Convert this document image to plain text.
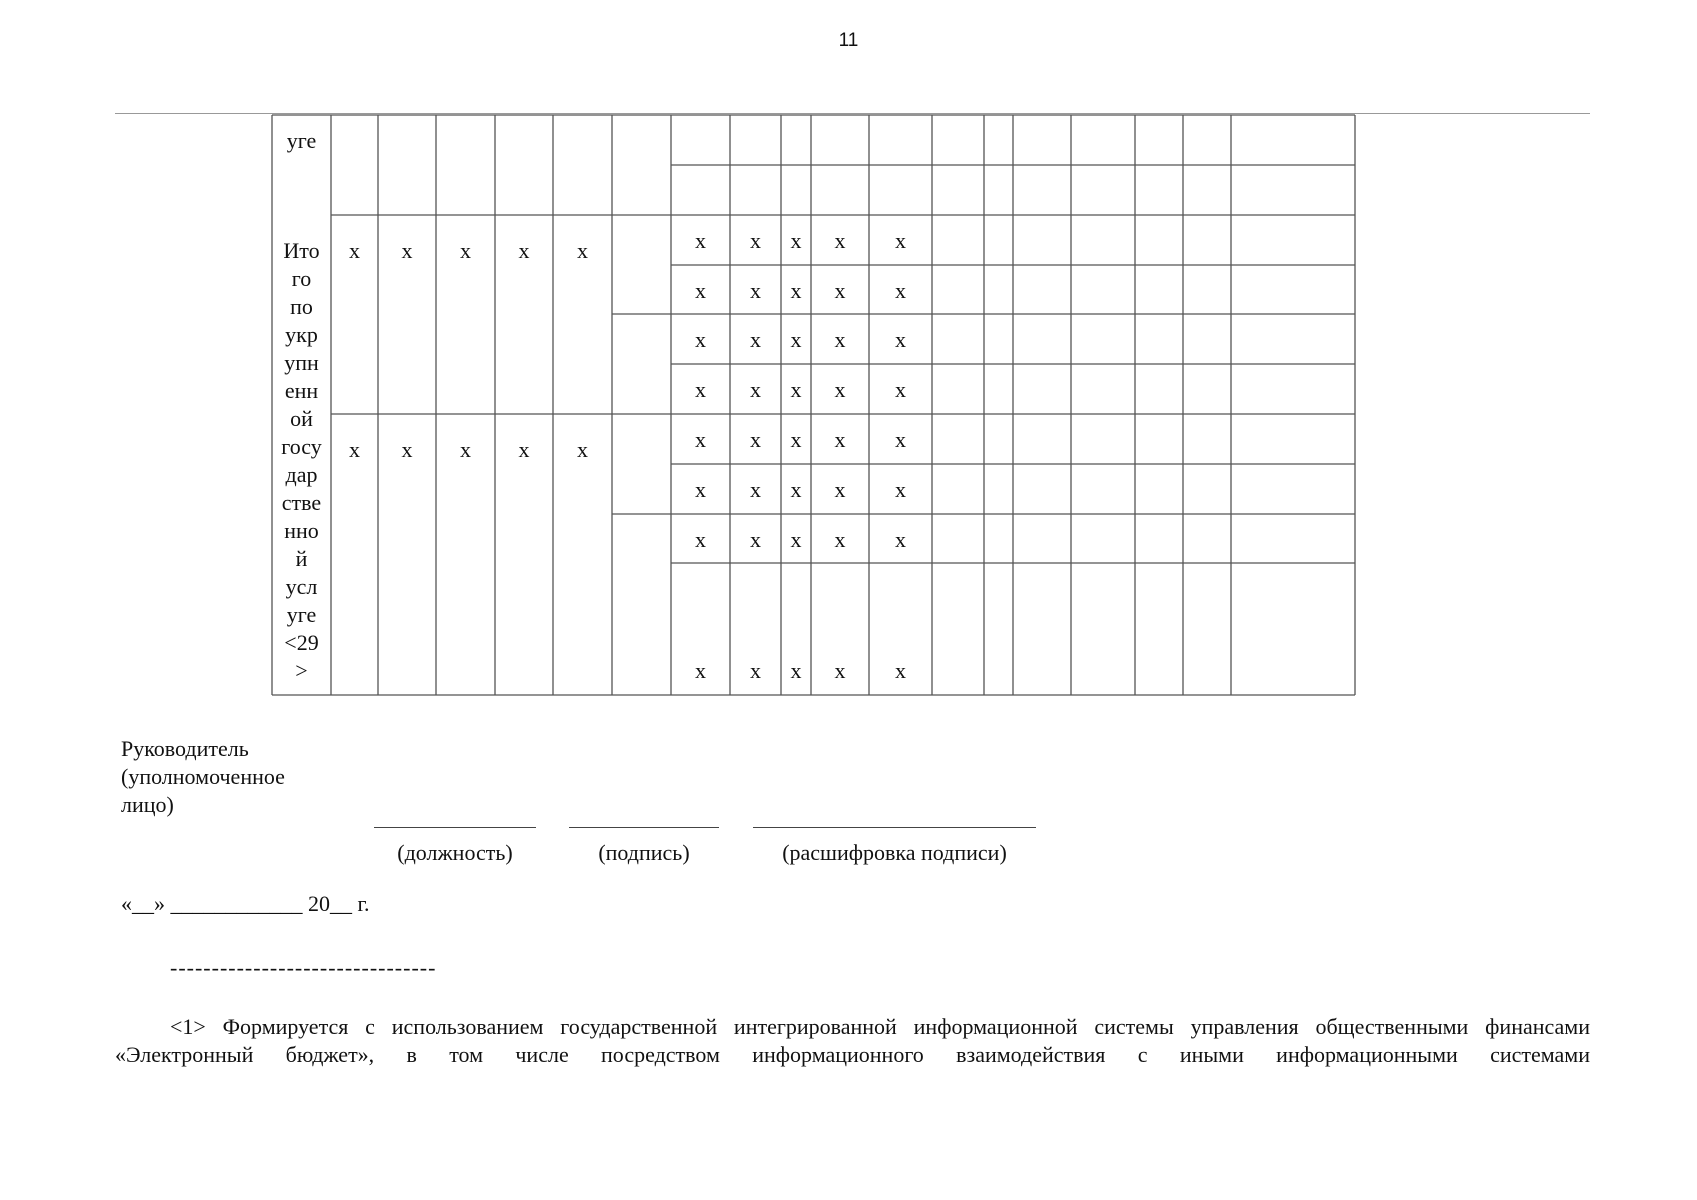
11
уге
Ито
го
по
укр
упн
енн
ой
госу
дар
стве
нно
й
усл
уге
<29
>
x x x x x
x x x x x
x x x x x
x x x x x
x x x x x
x x x x x
x x x x x
x x x x x
x x x x x
x x x x x
Руководитель
(уполномоченное
лицо)
(должность)	(подпись)	(расшифровка подписи)
«__» ____________ 20__ г.
--------------------------------
<1> Формируется с использованием государственной интегрированной информационной системы управления общественными финансами «Электронный бюджет», в том числе посредством информационного взаимодействия с иными информационными системами
